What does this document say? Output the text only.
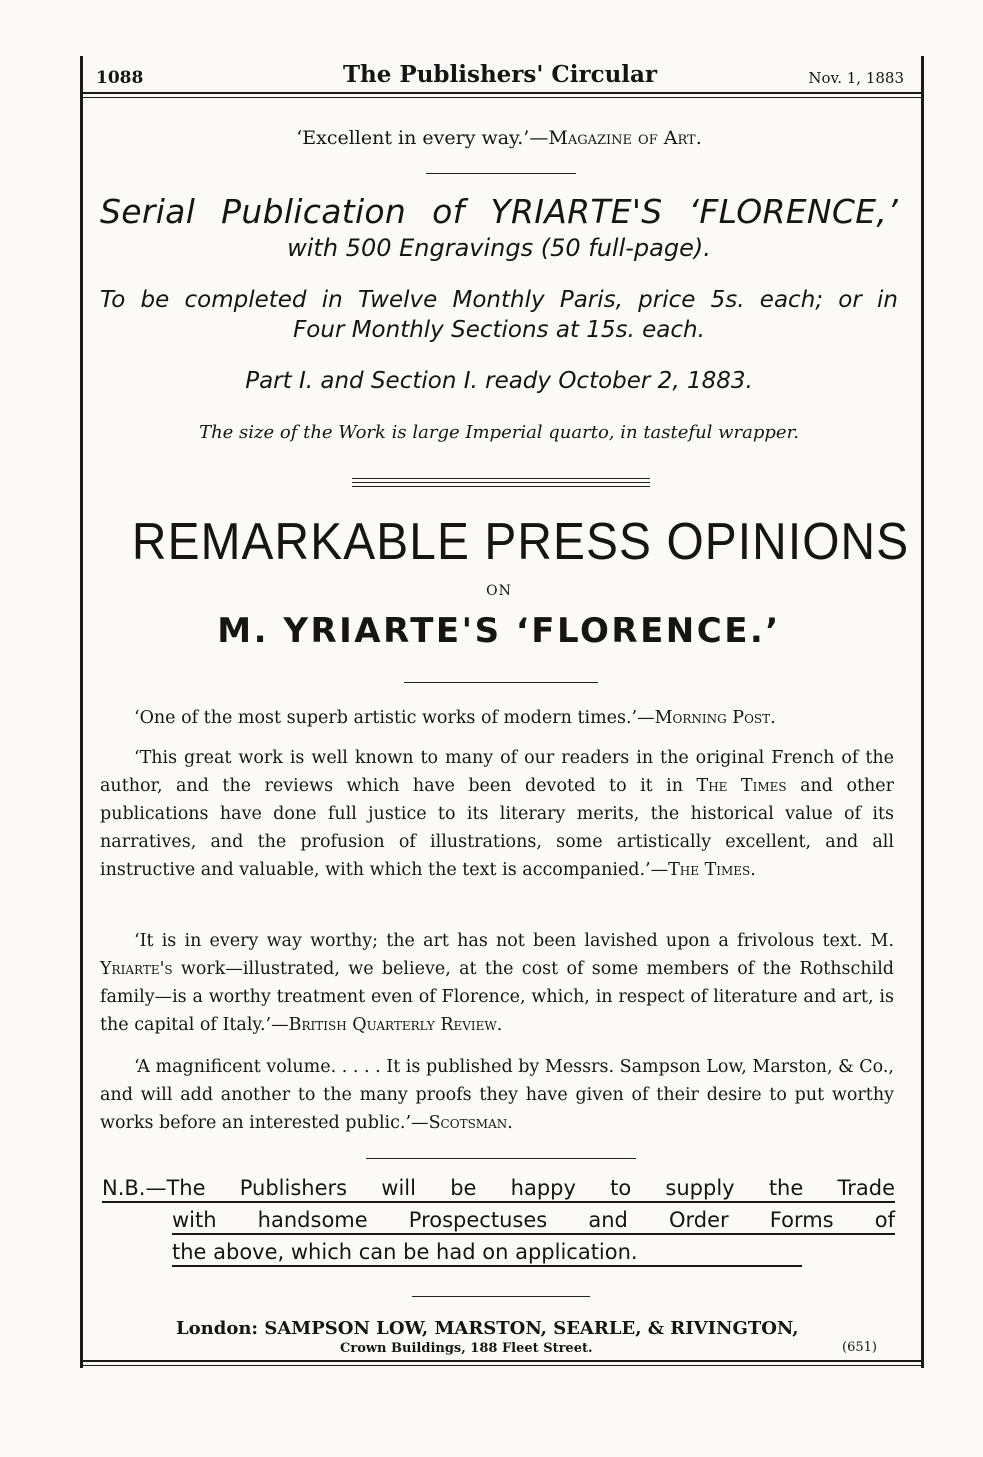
1088	The Publishers' Circular	Nov. 1, 1883
‘Excellent in every way.’—Magazine of Art.
Serial Publication of YRIARTE'S ‘FLORENCE,’
with 500 Engravings (50 full-page).
To be completed in Twelve Monthly Paris, price 5s. each; or in
Four Monthly Sections at 15s. each.
Part I. and Section I. ready October 2, 1883.
The size of the Work is large Imperial quarto, in tasteful wrapper.
REMARKABLE PRESS OPINIONS
ON
M. YRIARTE'S ‘FLORENCE.’

‘One of the most superb artistic works of modern times.’—Morning Post.

‘This great work is well known to many of our readers in the original French of the author, and the reviews which have been devoted to it in The Times and other publications have done full justice to its literary merits, the historical value of its narratives, and the profusion of illustrations, some artistically excellent, and all instructive and valuable, with which the text is accompanied.’—The Times.

‘It is in every way worthy; the art has not been lavished upon a frivolous text. M. Yriarte's work—illustrated, we believe, at the cost of some members of the Rothschild family—is a worthy treatment even of Florence, which, in respect of literature and art, is the capital of Italy.’—British Quarterly Review.

‘A magnificent volume. . . . . It is published by Messrs. Sampson Low, Marston, & Co., and will add another to the many proofs they have given of their desire to put worthy works before an interested public.’—Scotsman.

N.B.—The Publishers will be happy to supply the Trade
with handsome Prospectuses and Order Forms of
the above, which can be had on application.
London: SAMPSON LOW, MARSTON, SEARLE, & RIVINGTON,
Crown Buildings, 188 Fleet Street.	(651)
